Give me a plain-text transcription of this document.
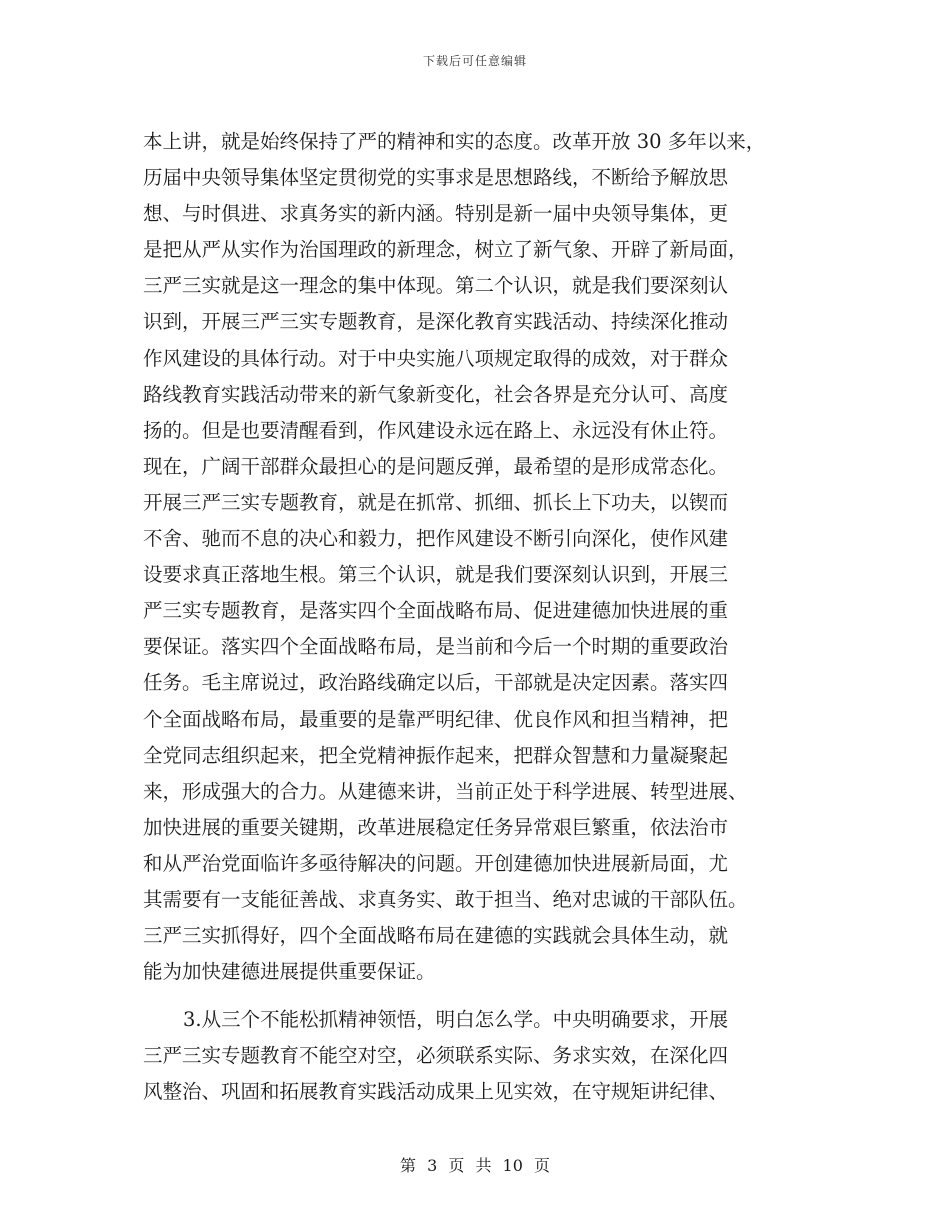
下载后可任意编辑
本上讲，就是始终保持了严的精神和实的态度。改革开放 30 多年以来，
历届中央领导集体坚定贯彻党的实事求是思想路线，不断给予解放思
想、与时俱进、求真务实的新内涵。特别是新一届中央领导集体，更
是把从严从实作为治国理政的新理念，树立了新气象、开辟了新局面，
三严三实就是这一理念的集中体现。第二个认识，就是我们要深刻认
识到，开展三严三实专题教育，是深化教育实践活动、持续深化推动
作风建设的具体行动。对于中央实施八项规定取得的成效，对于群众
路线教育实践活动带来的新气象新变化，社会各界是充分认可、高度
扬的。但是也要清醒看到，作风建设永远在路上、永远没有休止符。
现在，广阔干部群众最担心的是问题反弹，最希望的是形成常态化。
开展三严三实专题教育，就是在抓常、抓细、抓长上下功夫，以锲而
不舍、驰而不息的决心和毅力，把作风建设不断引向深化，使作风建
设要求真正落地生根。第三个认识，就是我们要深刻认识到，开展三
严三实专题教育，是落实四个全面战略布局、促进建德加快进展的重
要保证。落实四个全面战略布局，是当前和今后一个时期的重要政治
任务。毛主席说过，政治路线确定以后，干部就是决定因素。落实四
个全面战略布局，最重要的是靠严明纪律、优良作风和担当精神，把
全党同志组织起来，把全党精神振作起来，把群众智慧和力量凝聚起
来，形成强大的合力。从建德来讲，当前正处于科学进展、转型进展、
加快进展的重要关键期，改革进展稳定任务异常艰巨繁重，依法治市
和从严治党面临许多亟待解决的问题。开创建德加快进展新局面，尤
其需要有一支能征善战、求真务实、敢于担当、绝对忠诚的干部队伍。
三严三实抓得好，四个全面战略布局在建德的实践就会具体生动，就
能为加快建德进展提供重要保证。
3.从三个不能松抓精神领悟，明白怎么学。中央明确要求，开展
三严三实专题教育不能空对空，必须联系实际、务求实效，在深化四
风整治、巩固和拓展教育实践活动成果上见实效，在守规矩讲纪律、
第 3 页 共 10 页
